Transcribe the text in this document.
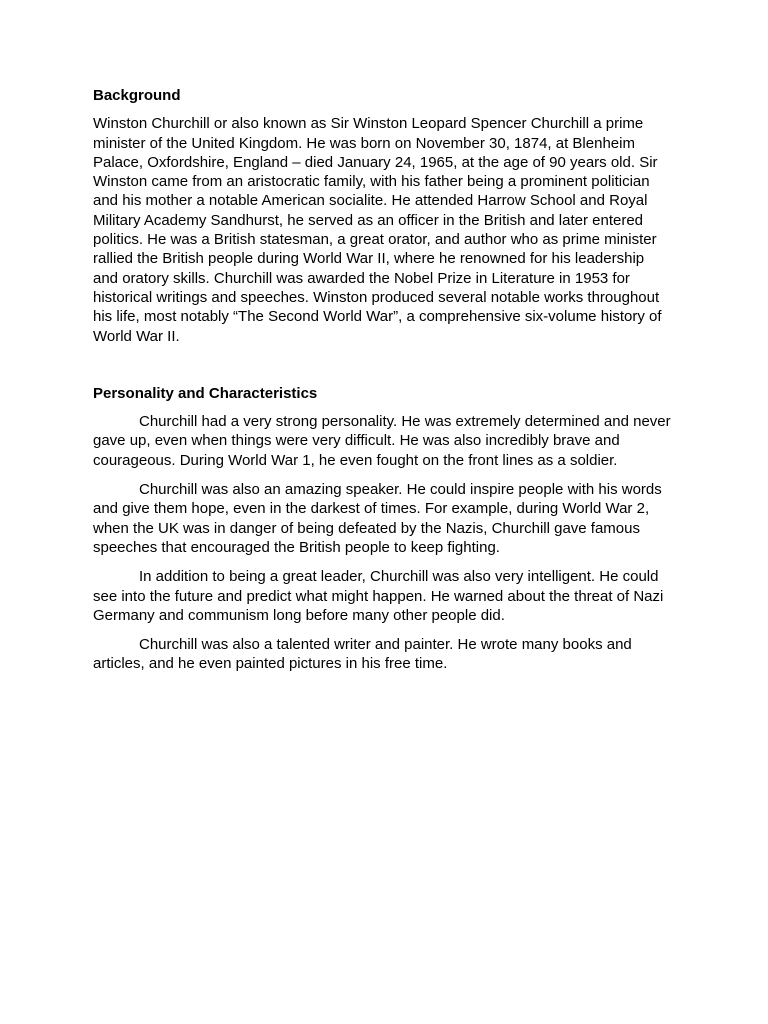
Background

Winston Churchill or also known as Sir Winston Leopard Spencer Churchill a prime minister of the United Kingdom. He was born on November 30, 1874, at Blenheim Palace, Oxfordshire, England – died January 24, 1965, at the age of 90 years old. Sir Winston came from an aristocratic family, with his father being a prominent politician and his mother a notable American socialite. He attended Harrow School and Royal Military Academy Sandhurst, he served as an officer in the British and later entered politics. He was a British statesman, a great orator, and author who as prime minister rallied the British people during World War II, where he renowned for his leadership and oratory skills. Churchill was awarded the Nobel Prize in Literature in 1953 for historical writings and speeches. Winston produced several notable works throughout his life, most notably “The Second World War”, a comprehensive six-volume history of World War II.

Personality and Characteristics

Churchill had a very strong personality. He was extremely determined and never gave up, even when things were very difficult. He was also incredibly brave and courageous. During World War 1, he even fought on the front lines as a soldier.

Churchill was also an amazing speaker. He could inspire people with his words and give them hope, even in the darkest of times. For example, during World War 2, when the UK was in danger of being defeated by the Nazis, Churchill gave famous speeches that encouraged the British people to keep fighting.

In addition to being a great leader, Churchill was also very intelligent. He could see into the future and predict what might happen. He warned about the threat of Nazi Germany and communism long before many other people did.

Churchill was also a talented writer and painter. He wrote many books and articles, and he even painted pictures in his free time.
